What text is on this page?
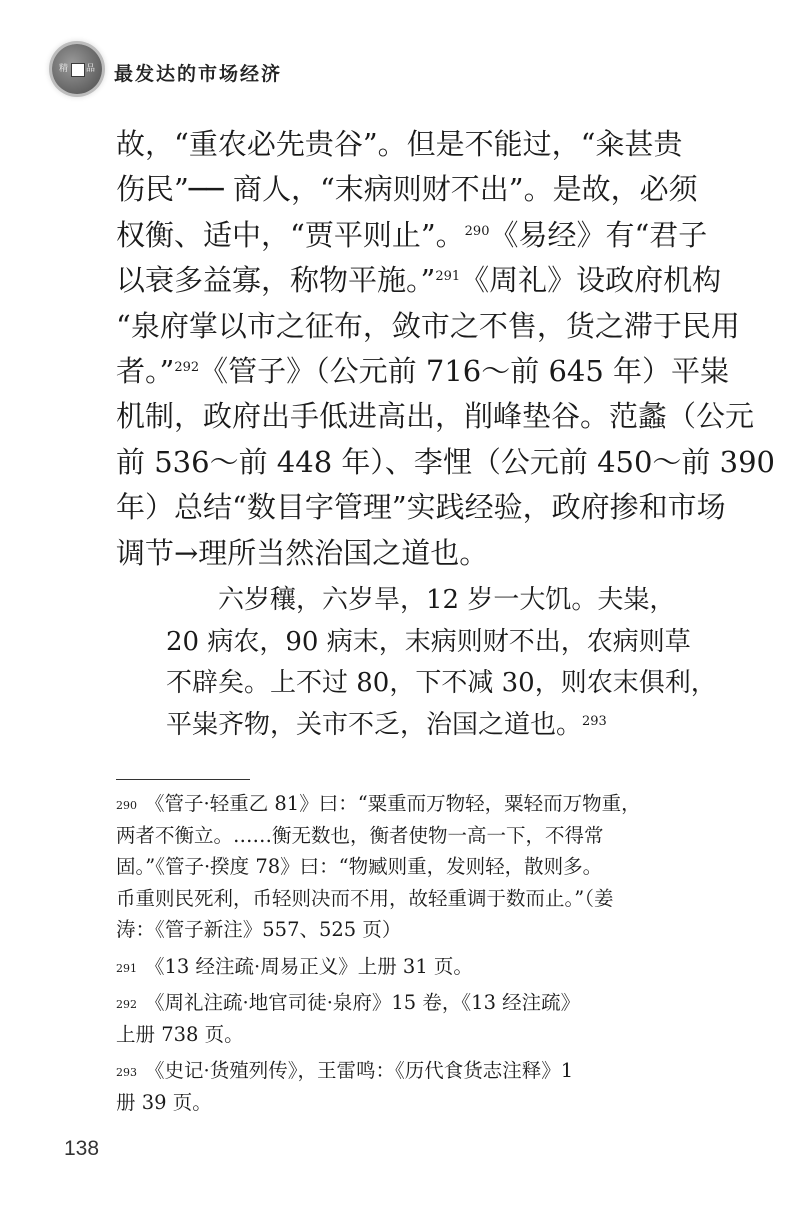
精 品 最发达的市场经济
故，“重农必先贵谷”。但是不能过，“籴甚贵
伤民”── 商人，“末病则财不出”。是故，必须
权衡、适中，“贾平则止”。$^{290}$《易经》有“君子
以衰多益寡，称物平施。”$^{291}$《周礼》设政府机构
“泉府掌以市之征布，敛市之不售，货之滞于民用
者。”$^{292}$《管子》（公元前 716～前 645 年）平粜
机制，政府出手低进高出，削峰垫谷。范蠡（公元
前 536～前 448 年）、李悝（公元前 450～前 390
年）总结“数目字管理”实践经验，政府掺和市场
调节→理所当然治国之道也。
六岁穰，六岁旱，12 岁一大饥。夫粜，
20 病农，90 病末，末病则财不出，农病则草
不辟矣。上不过 80，下不减 30，则农末俱利，
平粜齐物，关市不乏，治国之道也。$^{293}$
$^{290}$ 《管子·轻重乙 81》曰：“粟重而万物轻，粟轻而万物重，
两者不衡立。……衡无数也，衡者使物一高一下，不得常
固。”《管子·揆度 78》曰：“物臧则重，发则轻，散则多。
币重则民死利，币轻则决而不用，故轻重调于数而止。”（姜
涛：《管子新注》557、525 页）
$^{291}$ 《13 经注疏·周易正义》上册 31 页。
$^{292}$ 《周礼注疏·地官司徒·泉府》15 卷，《13 经注疏》
上册 738 页。
$^{293}$ 《史记·货殖列传》，王雷鸣：《历代食货志注释》1
册 39 页。
138
